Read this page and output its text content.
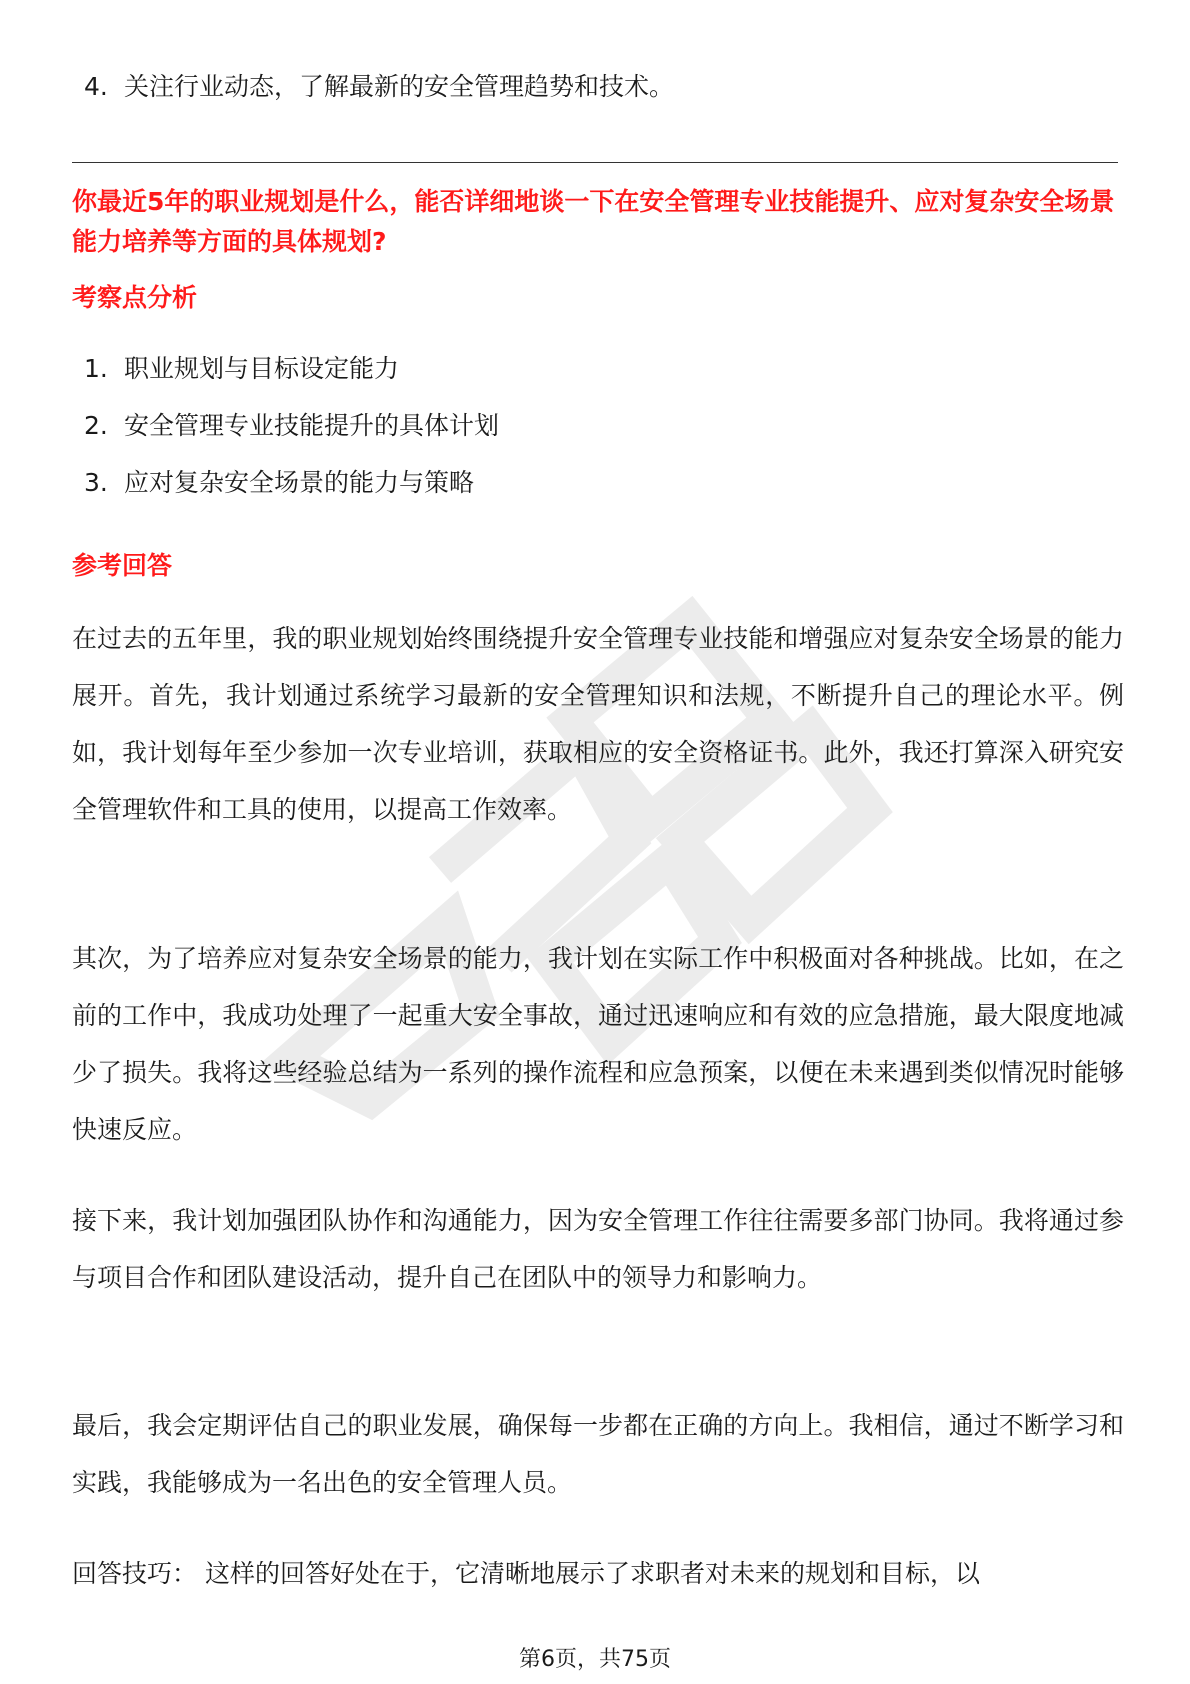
4. 关注行业动态，了解最新的安全管理趋势和技术。

你最近5年的职业规划是什么，能否详细地谈一下在安全管理专业技能提升、应对复杂安全场景能力培养等方面的具体规划?

考察点分析
1. 职业规划与目标设定能力
2. 安全管理专业技能提升的具体计划
3. 应对复杂安全场景的能力与策略
参考回答

在过去的五年里，我的职业规划始终围绕提升安全管理专业技能和增强应对复杂安全场景的能力展开。首先，我计划通过系统学习最新的安全管理知识和法规，不断提升自己的理论水平。例如，我计划每年至少参加一次专业培训，获取相应的安全资格证书。此外，我还打算深入研究安全管理软件和工具的使用，以提高工作效率。

其次，为了培养应对复杂安全场景的能力，我计划在实际工作中积极面对各种挑战。比如，在之前的工作中，我成功处理了一起重大安全事故，通过迅速响应和有效的应急措施，最大限度地减少了损失。我将这些经验总结为一系列的操作流程和应急预案，以便在未来遇到类似情况时能够快速反应。

接下来，我计划加强团队协作和沟通能力，因为安全管理工作往往需要多部门协同。我将通过参与项目合作和团队建设活动，提升自己在团队中的领导力和影响力。

最后，我会定期评估自己的职业发展，确保每一步都在正确的方向上。我相信，通过不断学习和实践，我能够成为一名出色的安全管理人员。

回答技巧： 这样的回答好处在于，它清晰地展示了求职者对未来的规划和目标，以

第6页，共75页
